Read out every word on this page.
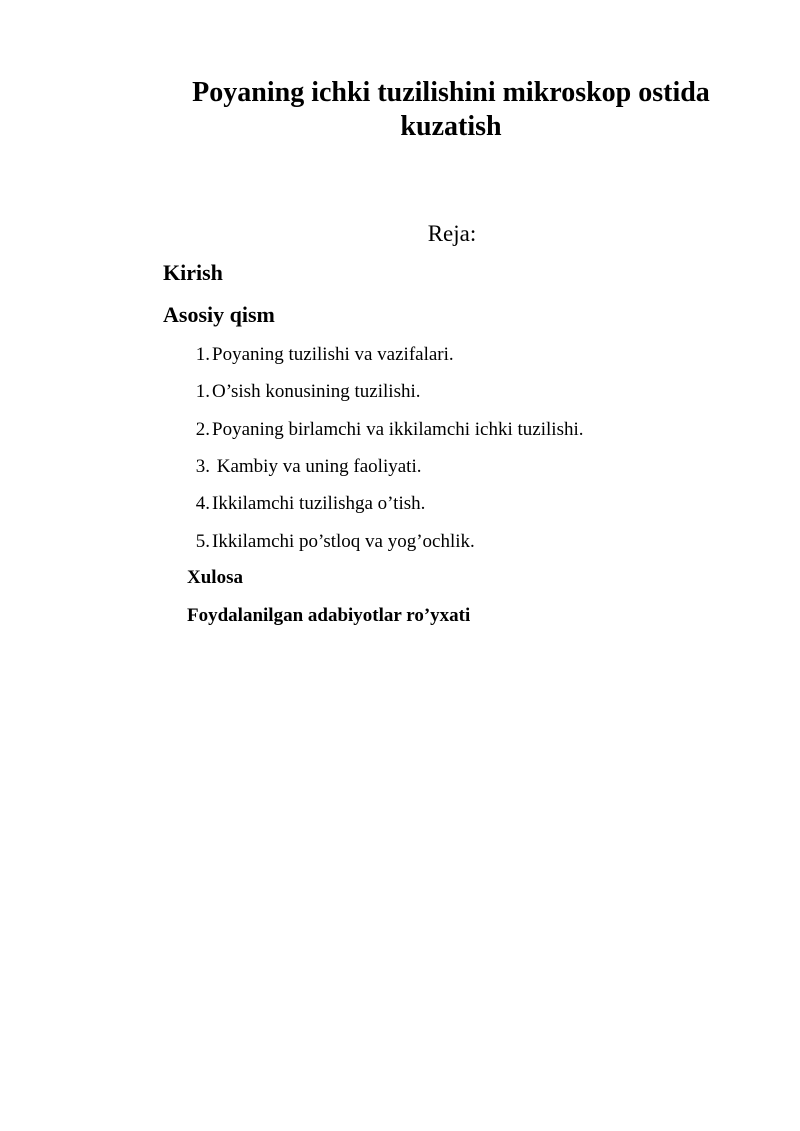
Poyaning ichki tuzilishini mikroskop ostida kuzatish
Reja:
Kirish
Asosiy qism
1. Poyaning tuzilishi va vazifalari.
1. O’sish konusining tuzilishi.
2. Poyaning birlamchi va ikkilamchi ichki tuzilishi.
3. Kambiy va uning faoliyati.
4. Ikkilamchi tuzilishga o’tish.
5. Ikkilamchi po’stloq va yog’ochlik.
Xulosa
Foydalanilgan adabiyotlar ro’yxati
